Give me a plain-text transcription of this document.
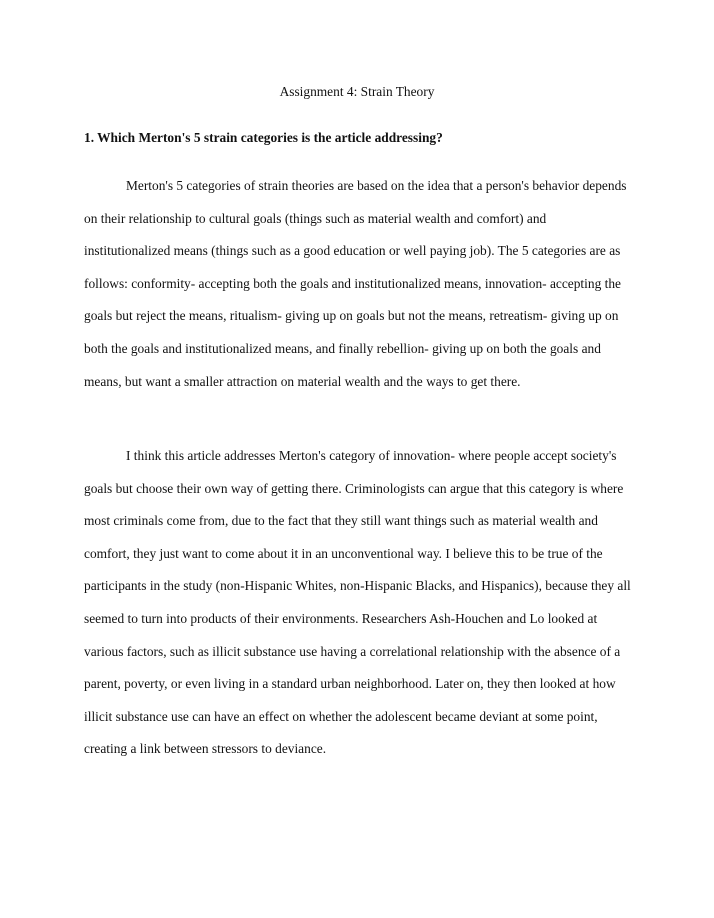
Assignment 4: Strain Theory
1. Which Merton's 5 strain categories is the article addressing?

Merton's 5 categories of strain theories are based on the idea that a person's behavior depends on their relationship to cultural goals (things such as material wealth and comfort) and institutionalized means (things such as a good education or well paying job). The 5 categories are as follows: conformity- accepting both the goals and institutionalized means, innovation- accepting the goals but reject the means, ritualism- giving up on goals but not the means, retreatism- giving up on both the goals and institutionalized means, and finally rebellion- giving up on both the goals and means, but want a smaller attraction on material wealth and the ways to get there.

I think this article addresses Merton's category of innovation- where people accept society's goals but choose their own way of getting there. Criminologists can argue that this category is where most criminals come from, due to the fact that they still want things such as material wealth and comfort, they just want to come about it in an unconventional way. I believe this to be true of the participants in the study (non-Hispanic Whites, non-Hispanic Blacks, and Hispanics), because they all seemed to turn into products of their environments. Researchers Ash-Houchen and Lo looked at various factors, such as illicit substance use having a correlational relationship with the absence of a parent, poverty, or even living in a standard urban neighborhood. Later on, they then looked at how illicit substance use can have an effect on whether the adolescent became deviant at some point, creating a link between stressors to deviance.
